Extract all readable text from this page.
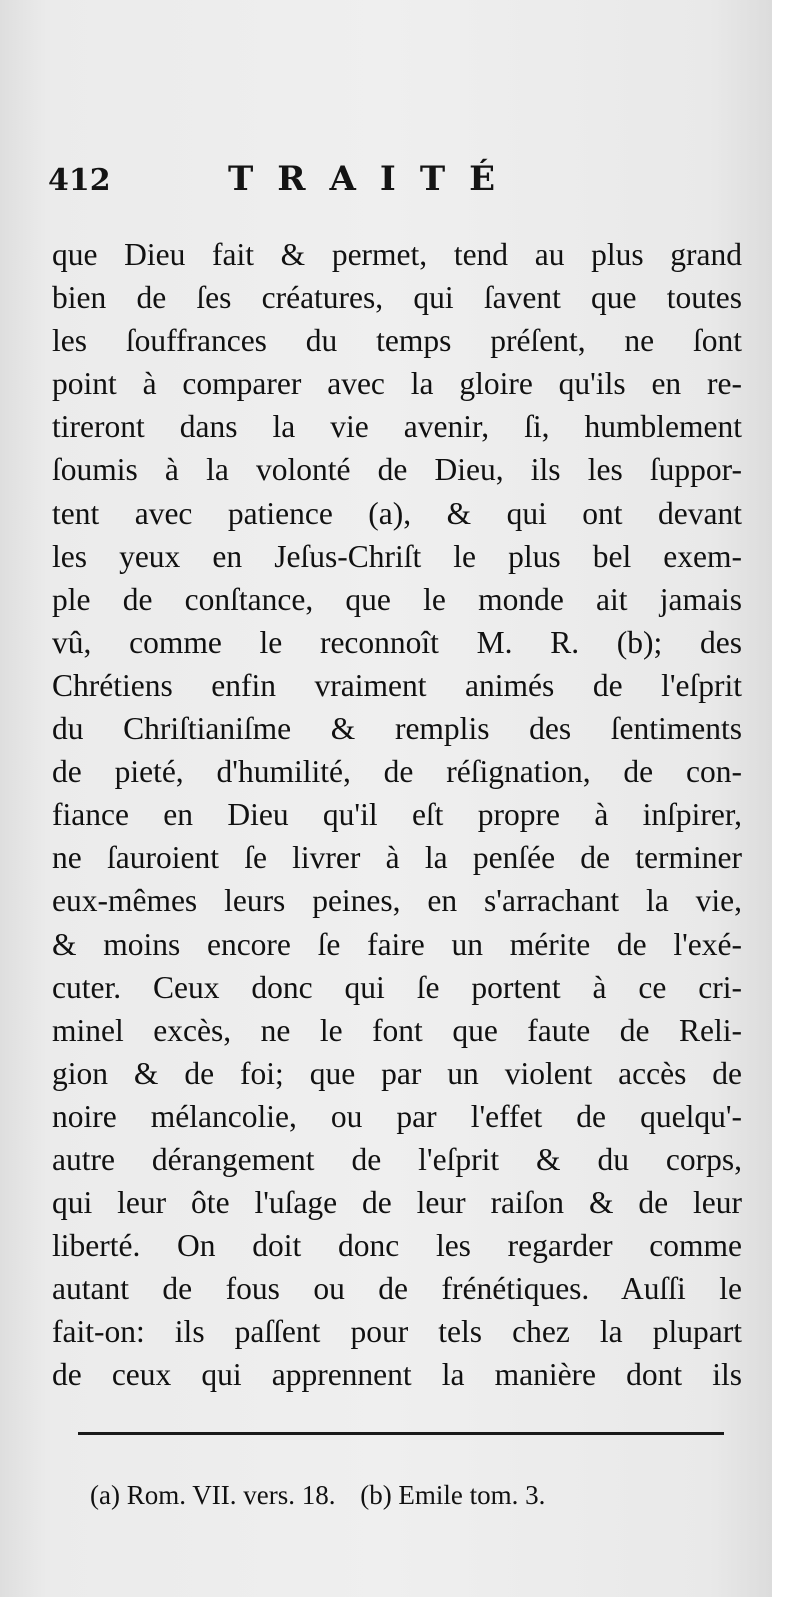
412	TRAITÉ
que Dieu fait & permet, tend au plus grand
bien de ſes créatures, qui ſavent que toutes
les ſouffrances du temps préſent, ne ſont
point à comparer avec la gloire qu'ils en re-
tireront dans la vie avenir, ſi, humblement
ſoumis à la volonté de Dieu, ils les ſuppor-
tent avec patience (a), & qui ont devant
les yeux en Jeſus-Chriſt le plus bel exem-
ple de conſtance, que le monde ait jamais
vû, comme le reconnoît M. R. (b); des
Chrétiens enfin vraiment animés de l'eſprit
du Chriſtianiſme & remplis des ſentiments
de pieté, d'humilité, de réſignation, de con-
fiance en Dieu qu'il eſt propre à inſpirer,
ne ſauroient ſe livrer à la penſée de terminer
eux-mêmes leurs peines, en s'arrachant la vie,
& moins encore ſe faire un mérite de l'exé-
cuter. Ceux donc qui ſe portent à ce cri-
minel excès, ne le font que faute de Reli-
gion & de foi; que par un violent accès de
noire mélancolie, ou par l'effet de quelqu'-
autre dérangement de l'eſprit & du corps,
qui leur ôte l'uſage de leur raiſon & de leur
liberté. On doit donc les regarder comme
autant de fous ou de frénétiques. Auſſi le
fait-on: ils paſſent pour tels chez la plupart
de ceux qui apprennent la manière dont ils
(a) Rom. VII. vers. 18. (b) Emile tom. 3.
